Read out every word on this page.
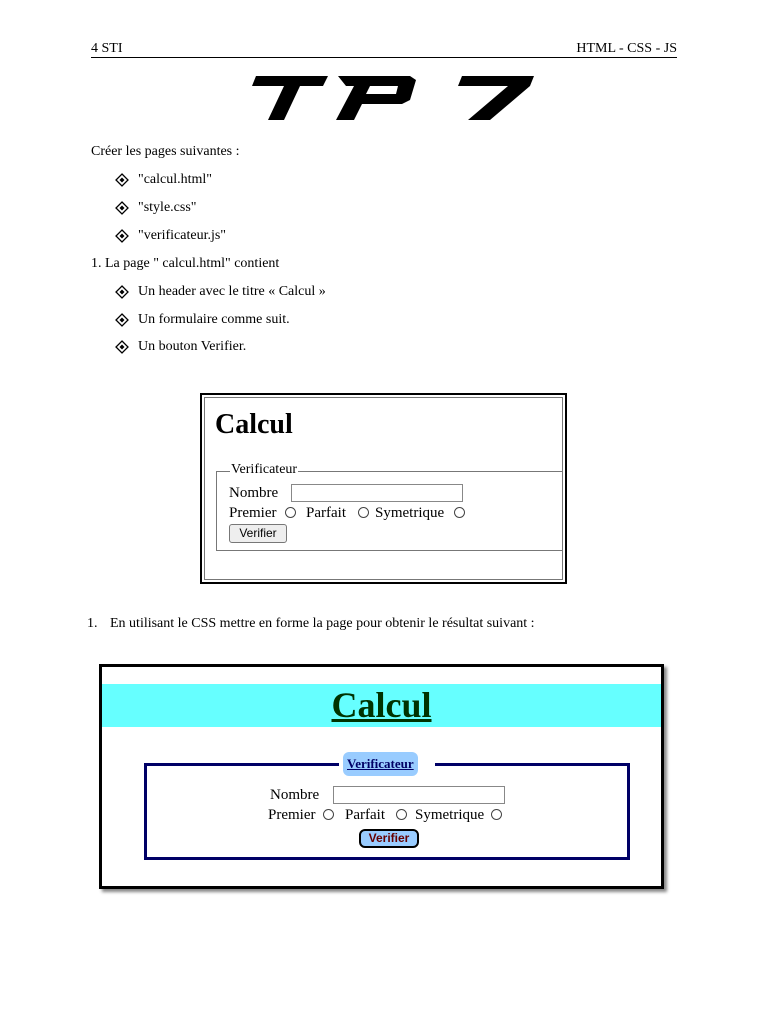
4 STI	HTML - CSS - JS
Créer les pages suivantes :
"calcul.html"
"style.css"
"verificateur.js"
1. La page " calcul.html" contient
Un header avec le titre « Calcul »
Un formulaire comme suit.
Un bouton Verifier.
Calcul
Verificateur
Nombre
Premier Parfait Symetrique
Verifier
1. En utilisant le CSS mettre en forme la page pour obtenir le résultat suivant :
Calcul
Verificateur
Nombre
Premier Parfait Symetrique
Verifier
